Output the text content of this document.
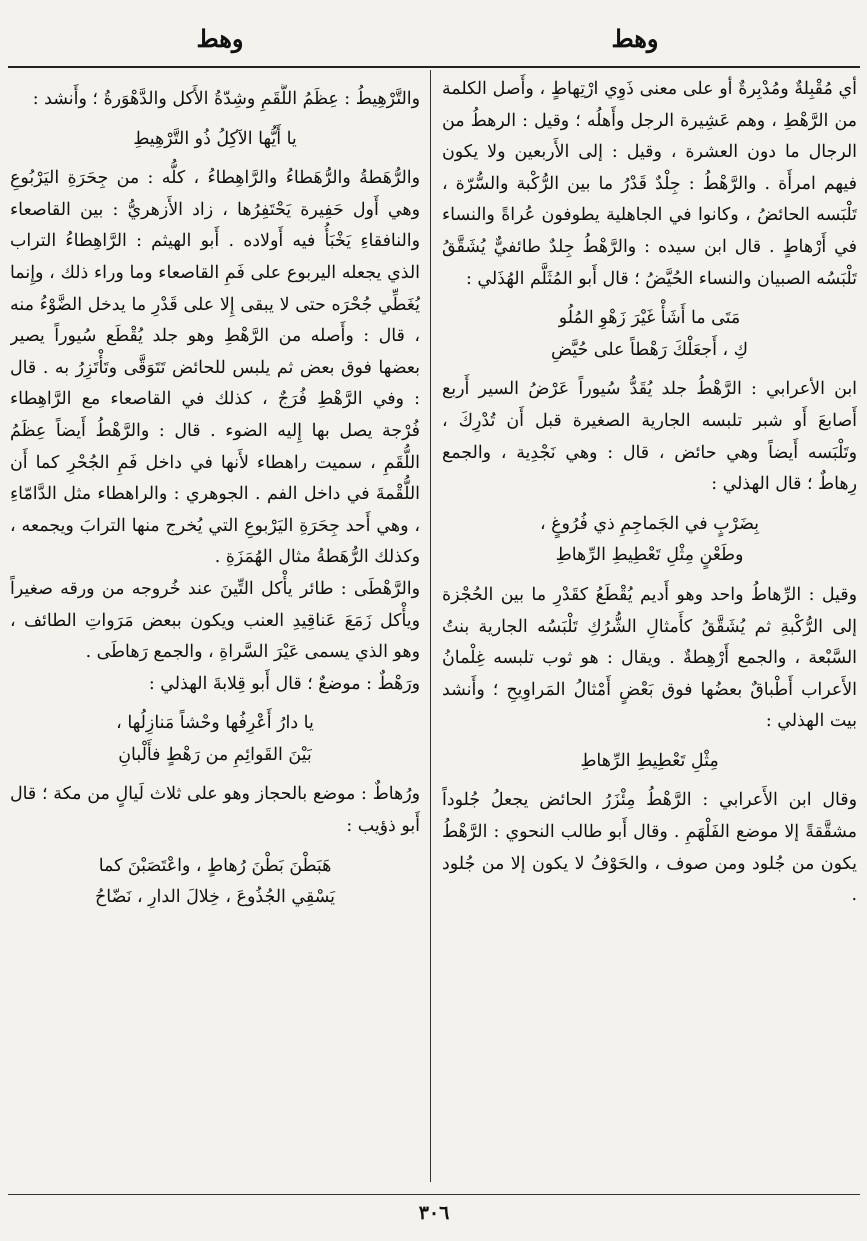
وهط
وهط

أي مُقْبِلةٌ ومُدْبِرةٌ أو على معنى ذَوِي ارْتِهاطٍ ، وأَصل الكلمة من الرَّهْطِ ، وهم عَشِيرة الرجل وأَهلُه ؛ وقيل : الرهطُ من الرجال ما دون العشرة ، وقيل : إلى الأَربعين ولا يكون فيهم امرأَة . والرَّهْطُ : جِلْدٌ قَدْرُ ما بين الرُّكْبة والسُّرّة ، تَلْبَسه الحائضُ ، وكانوا في الجاهلية يطوفون عُراةً والنساء في أَرْهاطٍ . قال ابن سيده : والرَّهْطُ جِلدٌ طائفيٌّ يُشَقَّقُ تَلْبَسُه الصبيان والنساء الحُيَّضُ ؛ قال أَبو المُثَلَّم الهُذَلي :

مَتَى ما أَشَأْ غَيْرَ زَهْوِ المُلُو
كِ ، أَجعَلْكَ رَهْطاً على حُيَّضِ

ابن الأعرابي : الرَّهْطُ جلد يُقَدُّ سُيوراً عَرْضُ السير أَربع أَصابعَ أَو شبر تلبسه الجارية الصغيرة قبل أَن تُدْرِكَ ، وتَلْبَسه أَيضاً وهي حائض ، قال : وهي نَجْدِية ، والجمع رِهاطٌ ؛ قال الهذلي :

بِضَرْبٍ في الجَماجِمِ ذي فُرُوغٍ ،
وطَعْنٍ مِثْلِ تَعْطِيطِ الرِّهاطِ

وقيل : الرِّهاطُ واحد وهو أَديم يُقْطَعُ كقَدْرِ ما بين الحُجْزة إلى الرُّكْبةِ ثم يُشَقَّقُ كأَمثالِ الشُّرُكِ تَلْبَسُه الجارية بنتُ السَّبْعة ، والجمع أَرْهِطةٌ . ويقال : هو ثوب تلبسه غِلْمانُ الأَعراب أَطْباقٌ بعضُها فوق بَعْضٍ أَمْثالُ المَراوِيحِ ؛ وأَنشد بيت الهذلي :

مِثْلِ تَعْطِيطِ الرِّهاطِ

وقال ابن الأَعرابي : الرَّهْطُ مِئْزَرُ الحائض يجعلُ جُلوداً مشقَّقةً إلا موضع الفَلْهَمِ . وقال أَبو طالب النحوي : الرَّهْطُ يكون من جُلود ومن صوف ، والحَوْفُ لا يكون إلا من جُلود .

والتَّرْهِيطُ : عِظَمُ اللُّقَمِ وشِدّةُ الأَكل والدَّهْوَرةُ ؛ وأَنشد :

يا أَيُّها الآكِلُ ذُو التَّرْهِيطِ

والرُّهَطةُ والرُّهَطاءُ والرَّاهِطاءُ ، كلُّه : من جِحَرَةِ اليَرْبُوعِ وهي أَول حَفِيرة يَحْتَفِرُها ، زاد الأَزهريُّ : بين القاصعاء والنافقاءِ يَخْبَأُ فيه أَولاده . أَبو الهيثم : الرَّاهِطاءُ التراب الذي يجعله اليربوع على فَمِ القاصعاء وما وراء ذلك ، وإِنما يُغَطِّي جُحْرَه حتى لا يبقى إِلا على قَدْرِ ما يدخل الضَّوْءُ منه ، قال : وأَصله من الرَّهْطِ وهو جلد يُقْطَع سُيوراً يصير بعضها فوق بعض ثم يلبس للحائض تَتَوَقَّى وتَأْتَزِرُ به . قال : وفي الرَّهْطِ فُرَجٌ ، كذلك في القاصعاء مع الرَّاهِطاء فُرْجة يصل بها إِليه الضوء . قال : والرَّهْطُ أَيضاً عِظَمُ اللُّقَمِ ، سميت راهطاء لأَنها في داخل فَمِ الجُحْرِ كما أَن اللُّقْمةَ في داخل الفم . الجوهري : والراهطاء مثل الدَّامّاءِ ، وهي أَحد جِحَرَةِ اليَرْبوعِ التي يُخرج منها الترابَ ويجمعه ، وكذلك الرُّهَطةُ مثال الهُمَزَةِ .

والرَّهْطَى : طائر يأْكل التِّينَ عند خُروجه من ورقه صغيراً ويأْكل زَمَعَ عَناقِيدِ العنب ويكون ببعض مَرَواتِ الطائف ، وهو الذي يسمى عَيْرَ السَّراةِ ، والجمع رَهاطَى .

ورَهْطٌ : موضعٌ ؛ قال أَبو قِلابةَ الهذلي :

يا دارُ أَعْرِفُها وحْشاً مَنازِلُها ،
بَيْنَ القَوائِمِ من رَهْطٍ فأَلْبانِ

ورُهاطٌ : موضع بالحجاز وهو على ثلاث لَيالٍ من مكة ؛ قال أَبو ذؤيب :

هَبَطْنَ بَطْنَ رُهاطٍ ، واعْتَصَبْنَ كما
يَسْقِي الجُذُوعَ ، خِلالَ الدارِ ، نَضّاحُ
٣٠٦
